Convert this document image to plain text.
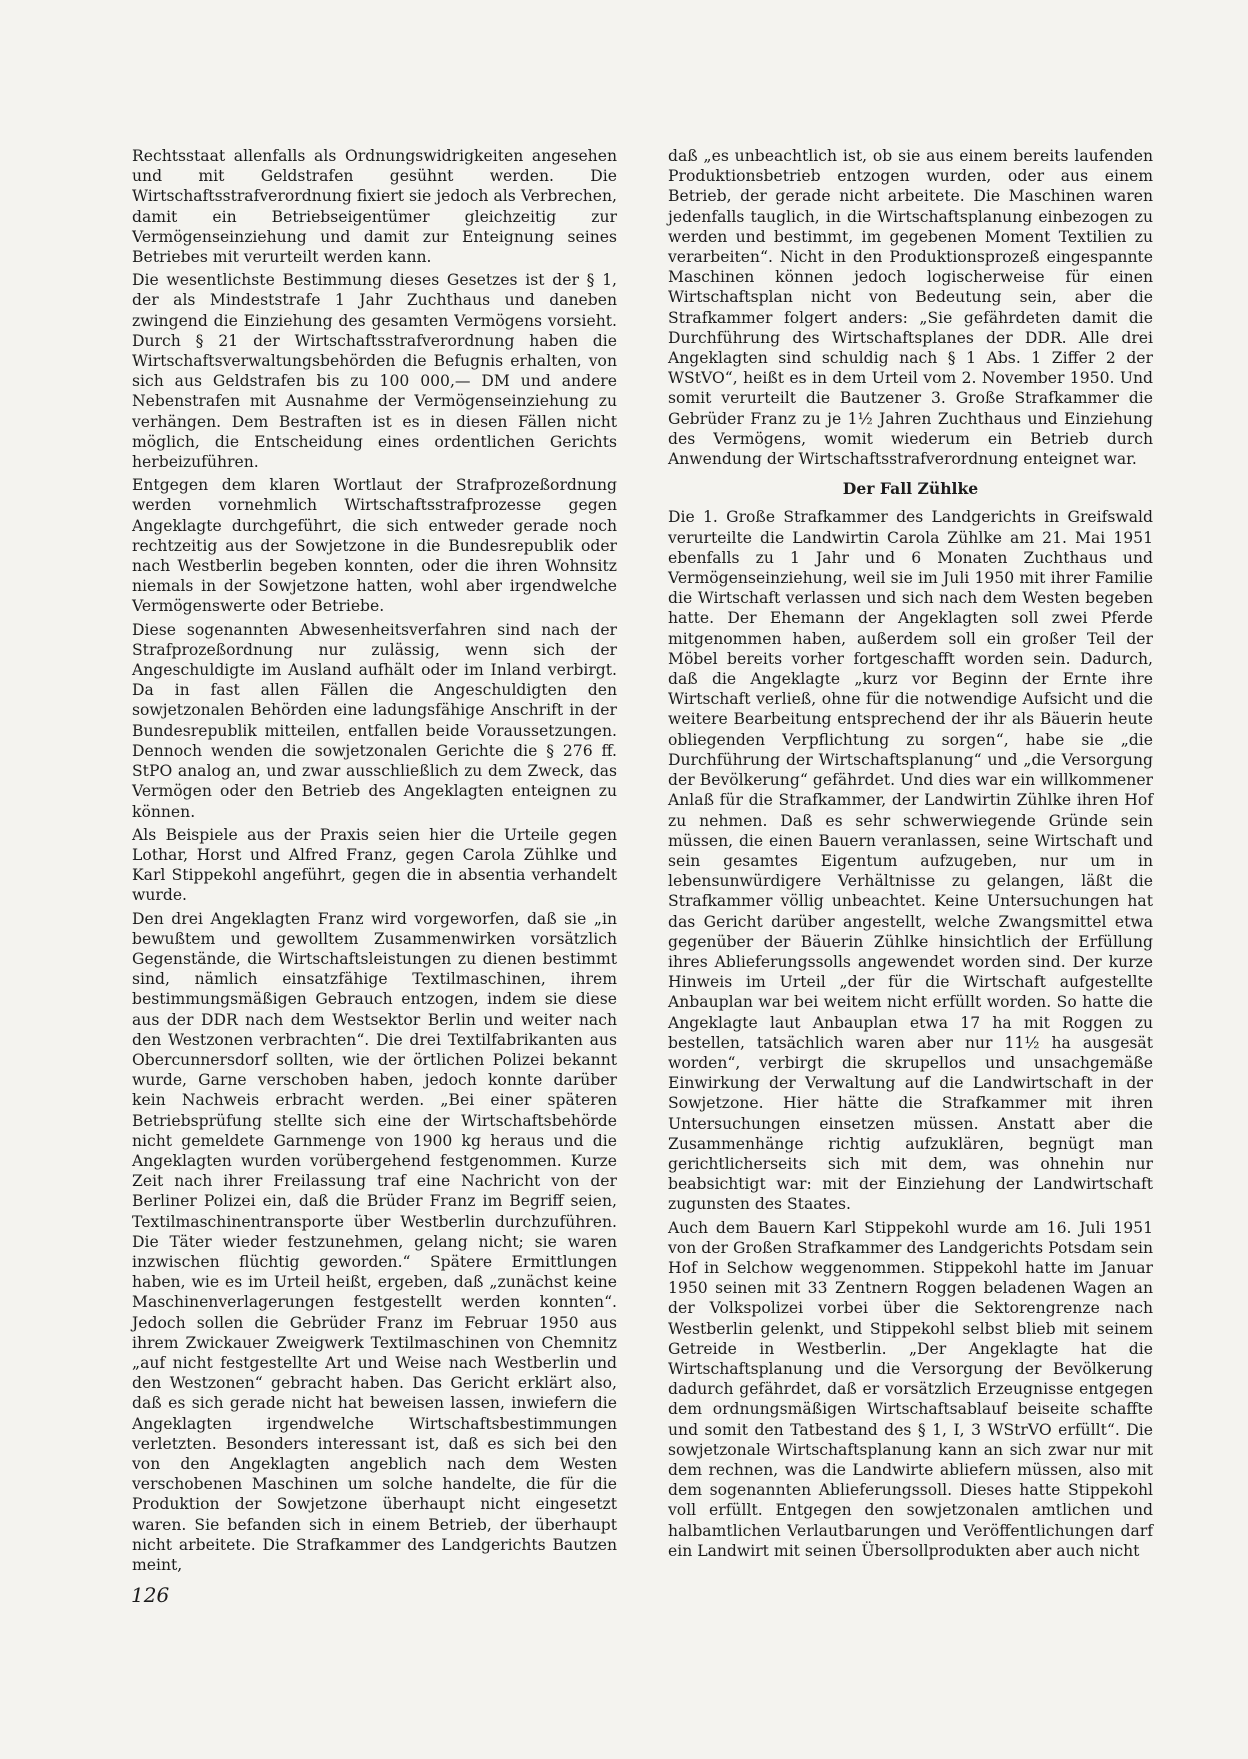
Rechtsstaat allenfalls als Ordnungswidrigkeiten angesehen und mit Geldstrafen gesühnt werden. Die Wirtschaftsstrafverordnung fixiert sie jedoch als Verbrechen, damit ein Betriebseigentümer gleichzeitig zur Vermögenseinziehung und damit zur Enteignung seines Betriebes mit verurteilt werden kann.

Die wesentlichste Bestimmung dieses Gesetzes ist der § 1, der als Mindeststrafe 1 Jahr Zuchthaus und daneben zwingend die Einziehung des gesamten Vermögens vorsieht. Durch § 21 der Wirtschaftsstrafverordnung haben die Wirtschaftsverwaltungsbehörden die Befugnis erhalten, von sich aus Geldstrafen bis zu 100 000,— DM und andere Nebenstrafen mit Ausnahme der Vermögenseinziehung zu verhängen. Dem Bestraften ist es in diesen Fällen nicht möglich, die Entscheidung eines ordentlichen Gerichts herbeizuführen.

Entgegen dem klaren Wortlaut der Strafprozeßordnung werden vornehmlich Wirtschaftsstrafprozesse gegen Angeklagte durchgeführt, die sich entweder gerade noch rechtzeitig aus der Sowjetzone in die Bundesrepublik oder nach Westberlin begeben konnten, oder die ihren Wohnsitz niemals in der Sowjetzone hatten, wohl aber irgendwelche Vermögenswerte oder Betriebe.

Diese sogenannten Abwesenheitsverfahren sind nach der Strafprozeßordnung nur zulässig, wenn sich der Angeschuldigte im Ausland aufhält oder im Inland verbirgt. Da in fast allen Fällen die Angeschuldigten den sowjetzonalen Behörden eine ladungsfähige Anschrift in der Bundesrepublik mitteilen, entfallen beide Voraussetzungen. Dennoch wenden die sowjetzonalen Gerichte die § 276 ff. StPO analog an, und zwar ausschließlich zu dem Zweck, das Vermögen oder den Betrieb des Angeklagten enteignen zu können.

Als Beispiele aus der Praxis seien hier die Urteile gegen Lothar, Horst und Alfred Franz, gegen Carola Zühlke und Karl Stippekohl angeführt, gegen die in absentia verhandelt wurde.

Den drei Angeklagten Franz wird vorgeworfen, daß sie „in bewußtem und gewolltem Zusammenwirken vorsätzlich Gegenstände, die Wirtschaftsleistungen zu dienen bestimmt sind, nämlich einsatzfähige Textilmaschinen, ihrem bestimmungsmäßigen Gebrauch entzogen, indem sie diese aus der DDR nach dem Westsektor Berlin und weiter nach den Westzonen verbrachten“. Die drei Textilfabrikanten aus Obercunnersdorf sollten, wie der örtlichen Polizei bekannt wurde, Garne verschoben haben, jedoch konnte darüber kein Nachweis erbracht werden. „Bei einer späteren Betriebsprüfung stellte sich eine der Wirtschaftsbehörde nicht gemeldete Garnmenge von 1900 kg heraus und die Angeklagten wurden vorübergehend festgenommen. Kurze Zeit nach ihrer Freilassung traf eine Nachricht von der Berliner Polizei ein, daß die Brüder Franz im Begriff seien, Textilmaschinentransporte über Westberlin durchzuführen. Die Täter wieder festzunehmen, gelang nicht; sie waren inzwischen flüchtig geworden.“ Spätere Ermittlungen haben, wie es im Urteil heißt, ergeben, daß „zunächst keine Maschinenverlagerungen festgestellt werden konnten“. Jedoch sollen die Gebrüder Franz im Februar 1950 aus ihrem Zwickauer Zweigwerk Textilmaschinen von Chemnitz „auf nicht festgestellte Art und Weise nach Westberlin und den Westzonen“ gebracht haben. Das Gericht erklärt also, daß es sich gerade nicht hat beweisen lassen, inwiefern die Angeklagten irgendwelche Wirtschaftsbestimmungen verletzten. Besonders interessant ist, daß es sich bei den von den Angeklagten angeblich nach dem Westen verschobenen Maschinen um solche handelte, die für die Produktion der Sowjetzone überhaupt nicht eingesetzt waren. Sie befanden sich in einem Betrieb, der überhaupt nicht arbeitete. Die Strafkammer des Landgerichts Bautzen meint,

daß „es unbeachtlich ist, ob sie aus einem bereits laufenden Produktionsbetrieb entzogen wurden, oder aus einem Betrieb, der gerade nicht arbeitete. Die Maschinen waren jedenfalls tauglich, in die Wirtschaftsplanung einbezogen zu werden und bestimmt, im gegebenen Moment Textilien zu verarbeiten“. Nicht in den Produktionsprozeß eingespannte Maschinen können jedoch logischerweise für einen Wirtschaftsplan nicht von Bedeutung sein, aber die Strafkammer folgert anders: „Sie gefährdeten damit die Durchführung des Wirtschaftsplanes der DDR. Alle drei Angeklagten sind schuldig nach § 1 Abs. 1 Ziffer 2 der WStVO“, heißt es in dem Urteil vom 2. November 1950. Und somit verurteilt die Bautzener 3. Große Strafkammer die Gebrüder Franz zu je 1½ Jahren Zuchthaus und Einziehung des Vermögens, womit wiederum ein Betrieb durch Anwendung der Wirtschaftsstrafverordnung enteignet war.

Der Fall Zühlke

Die 1. Große Strafkammer des Landgerichts in Greifswald verurteilte die Landwirtin Carola Zühlke am 21. Mai 1951 ebenfalls zu 1 Jahr und 6 Monaten Zuchthaus und Vermögenseinziehung, weil sie im Juli 1950 mit ihrer Familie die Wirtschaft verlassen und sich nach dem Westen begeben hatte. Der Ehemann der Angeklagten soll zwei Pferde mitgenommen haben, außerdem soll ein großer Teil der Möbel bereits vorher fortgeschafft worden sein. Dadurch, daß die Angeklagte „kurz vor Beginn der Ernte ihre Wirtschaft verließ, ohne für die notwendige Aufsicht und die weitere Bearbeitung entsprechend der ihr als Bäuerin heute obliegenden Verpflichtung zu sorgen“, habe sie „die Durchführung der Wirtschaftsplanung“ und „die Versorgung der Bevölkerung“ gefährdet. Und dies war ein willkommener Anlaß für die Strafkammer, der Landwirtin Zühlke ihren Hof zu nehmen. Daß es sehr schwerwiegende Gründe sein müssen, die einen Bauern veranlassen, seine Wirtschaft und sein gesamtes Eigentum aufzugeben, nur um in lebensunwürdigere Verhältnisse zu gelangen, läßt die Strafkammer völlig unbeachtet. Keine Untersuchungen hat das Gericht darüber angestellt, welche Zwangsmittel etwa gegenüber der Bäuerin Zühlke hinsichtlich der Erfüllung ihres Ablieferungssolls angewendet worden sind. Der kurze Hinweis im Urteil „der für die Wirtschaft aufgestellte Anbauplan war bei weitem nicht erfüllt worden. So hatte die Angeklagte laut Anbauplan etwa 17 ha mit Roggen zu bestellen, tatsächlich waren aber nur 11½ ha ausgesät worden“, verbirgt die skrupellos und unsachgemäße Einwirkung der Verwaltung auf die Landwirtschaft in der Sowjetzone. Hier hätte die Strafkammer mit ihren Untersuchungen einsetzen müssen. Anstatt aber die Zusammenhänge richtig aufzuklären, begnügt man gerichtlicherseits sich mit dem, was ohnehin nur beabsichtigt war: mit der Einziehung der Landwirtschaft zugunsten des Staates.

Auch dem Bauern Karl Stippekohl wurde am 16. Juli 1951 von der Großen Strafkammer des Landgerichts Potsdam sein Hof in Selchow weggenommen. Stippekohl hatte im Januar 1950 seinen mit 33 Zentnern Roggen beladenen Wagen an der Volkspolizei vorbei über die Sektorengrenze nach Westberlin gelenkt, und Stippekohl selbst blieb mit seinem Getreide in Westberlin. „Der Angeklagte hat die Wirtschaftsplanung und die Versorgung der Bevölkerung dadurch gefährdet, daß er vorsätzlich Erzeugnisse entgegen dem ordnungsmäßigen Wirtschaftsablauf beiseite schaffte und somit den Tatbestand des § 1, I, 3 WStrVO erfüllt“. Die sowjetzonale Wirtschaftsplanung kann an sich zwar nur mit dem rechnen, was die Landwirte abliefern müssen, also mit dem sogenannten Ablieferungssoll. Dieses hatte Stippekohl voll erfüllt. Entgegen den sowjetzonalen amtlichen und halbamtlichen Verlautbarungen und Veröffentlichungen darf ein Landwirt mit seinen Übersollprodukten aber auch nicht

126
